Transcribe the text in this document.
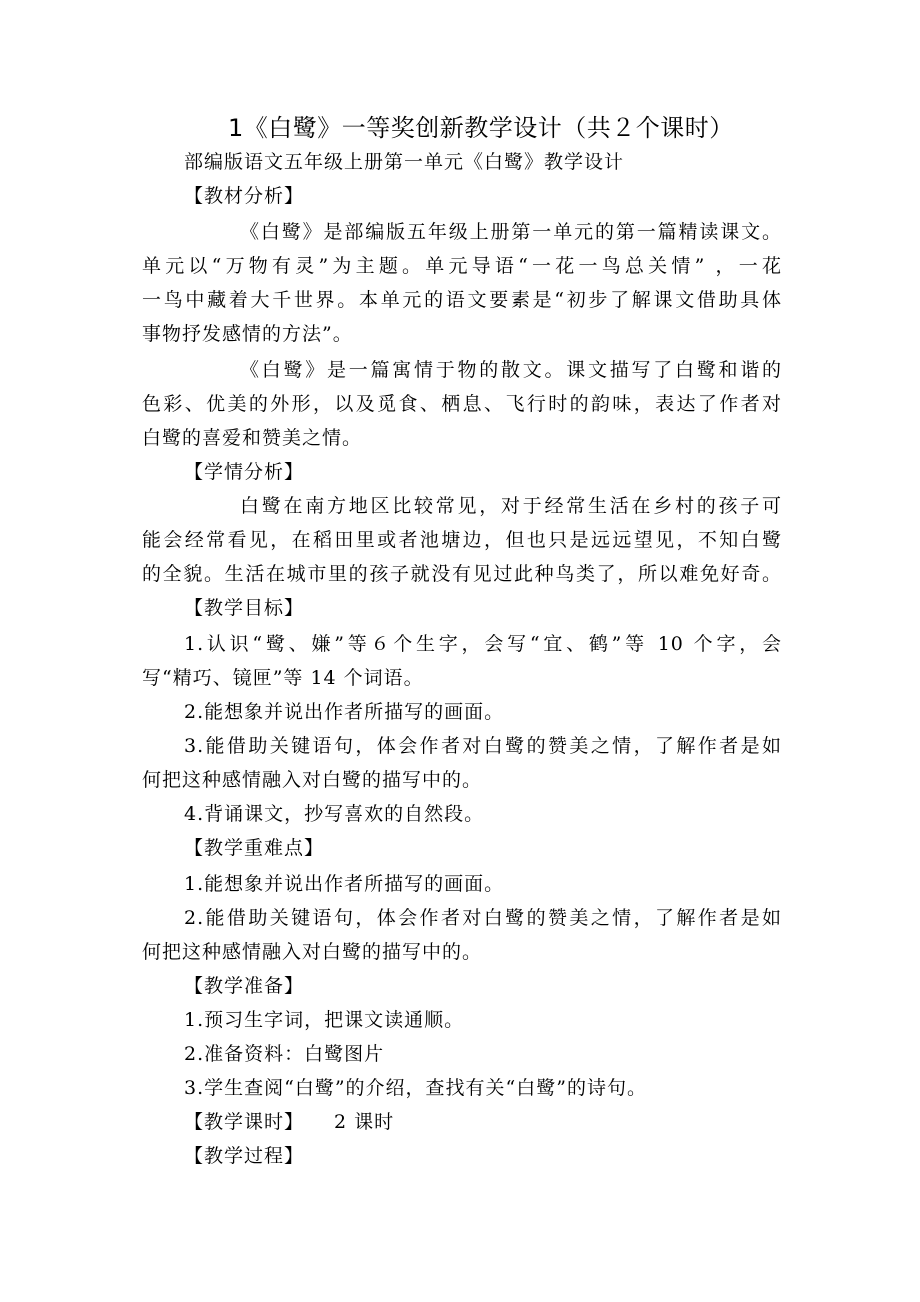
1《白鹭》一等奖创新教学设计（共２个课时）
部编版语文五年级上册第一单元《白鹭》教学设计
【教材分析】
《白鹭》是部编版五年级上册第一单元的第一篇精读课文。
单元以“万物有灵”为主题。单元导语“一花一鸟总关情” ，一花
一鸟中藏着大千世界。本单元的语文要素是“初步了解课文借助具体
事物抒发感情的方法”。
《白鹭》是一篇寓情于物的散文。课文描写了白鹭和谐的
色彩、优美的外形，以及觅食、栖息、飞行时的韵味，表达了作者对
白鹭的喜爱和赞美之情。
【学情分析】
白鹭在南方地区比较常见，对于经常生活在乡村的孩子可
能会经常看见，在稻田里或者池塘边，但也只是远远望见，不知白鹭
的全貌。生活在城市里的孩子就没有见过此种鸟类了，所以难免好奇。
【教学目标】
1.认识“鹭、嫌”等６个生字，会写“宜、鹤”等 10 个字，会
写“精巧、镜匣”等 14 个词语。
2.能想象并说出作者所描写的画面。
3.能借助关键语句，体会作者对白鹭的赞美之情，了解作者是如
何把这种感情融入对白鹭的描写中的。
4.背诵课文，抄写喜欢的自然段。
【教学重难点】
1.能想象并说出作者所描写的画面。
2.能借助关键语句，体会作者对白鹭的赞美之情，了解作者是如
何把这种感情融入对白鹭的描写中的。
【教学准备】
1.预习生字词，把课文读通顺。
2.准备资料：白鹭图片
3.学生查阅“白鹭”的介绍，查找有关“白鹭”的诗句。
【教学课时】 2 课时
【教学过程】
